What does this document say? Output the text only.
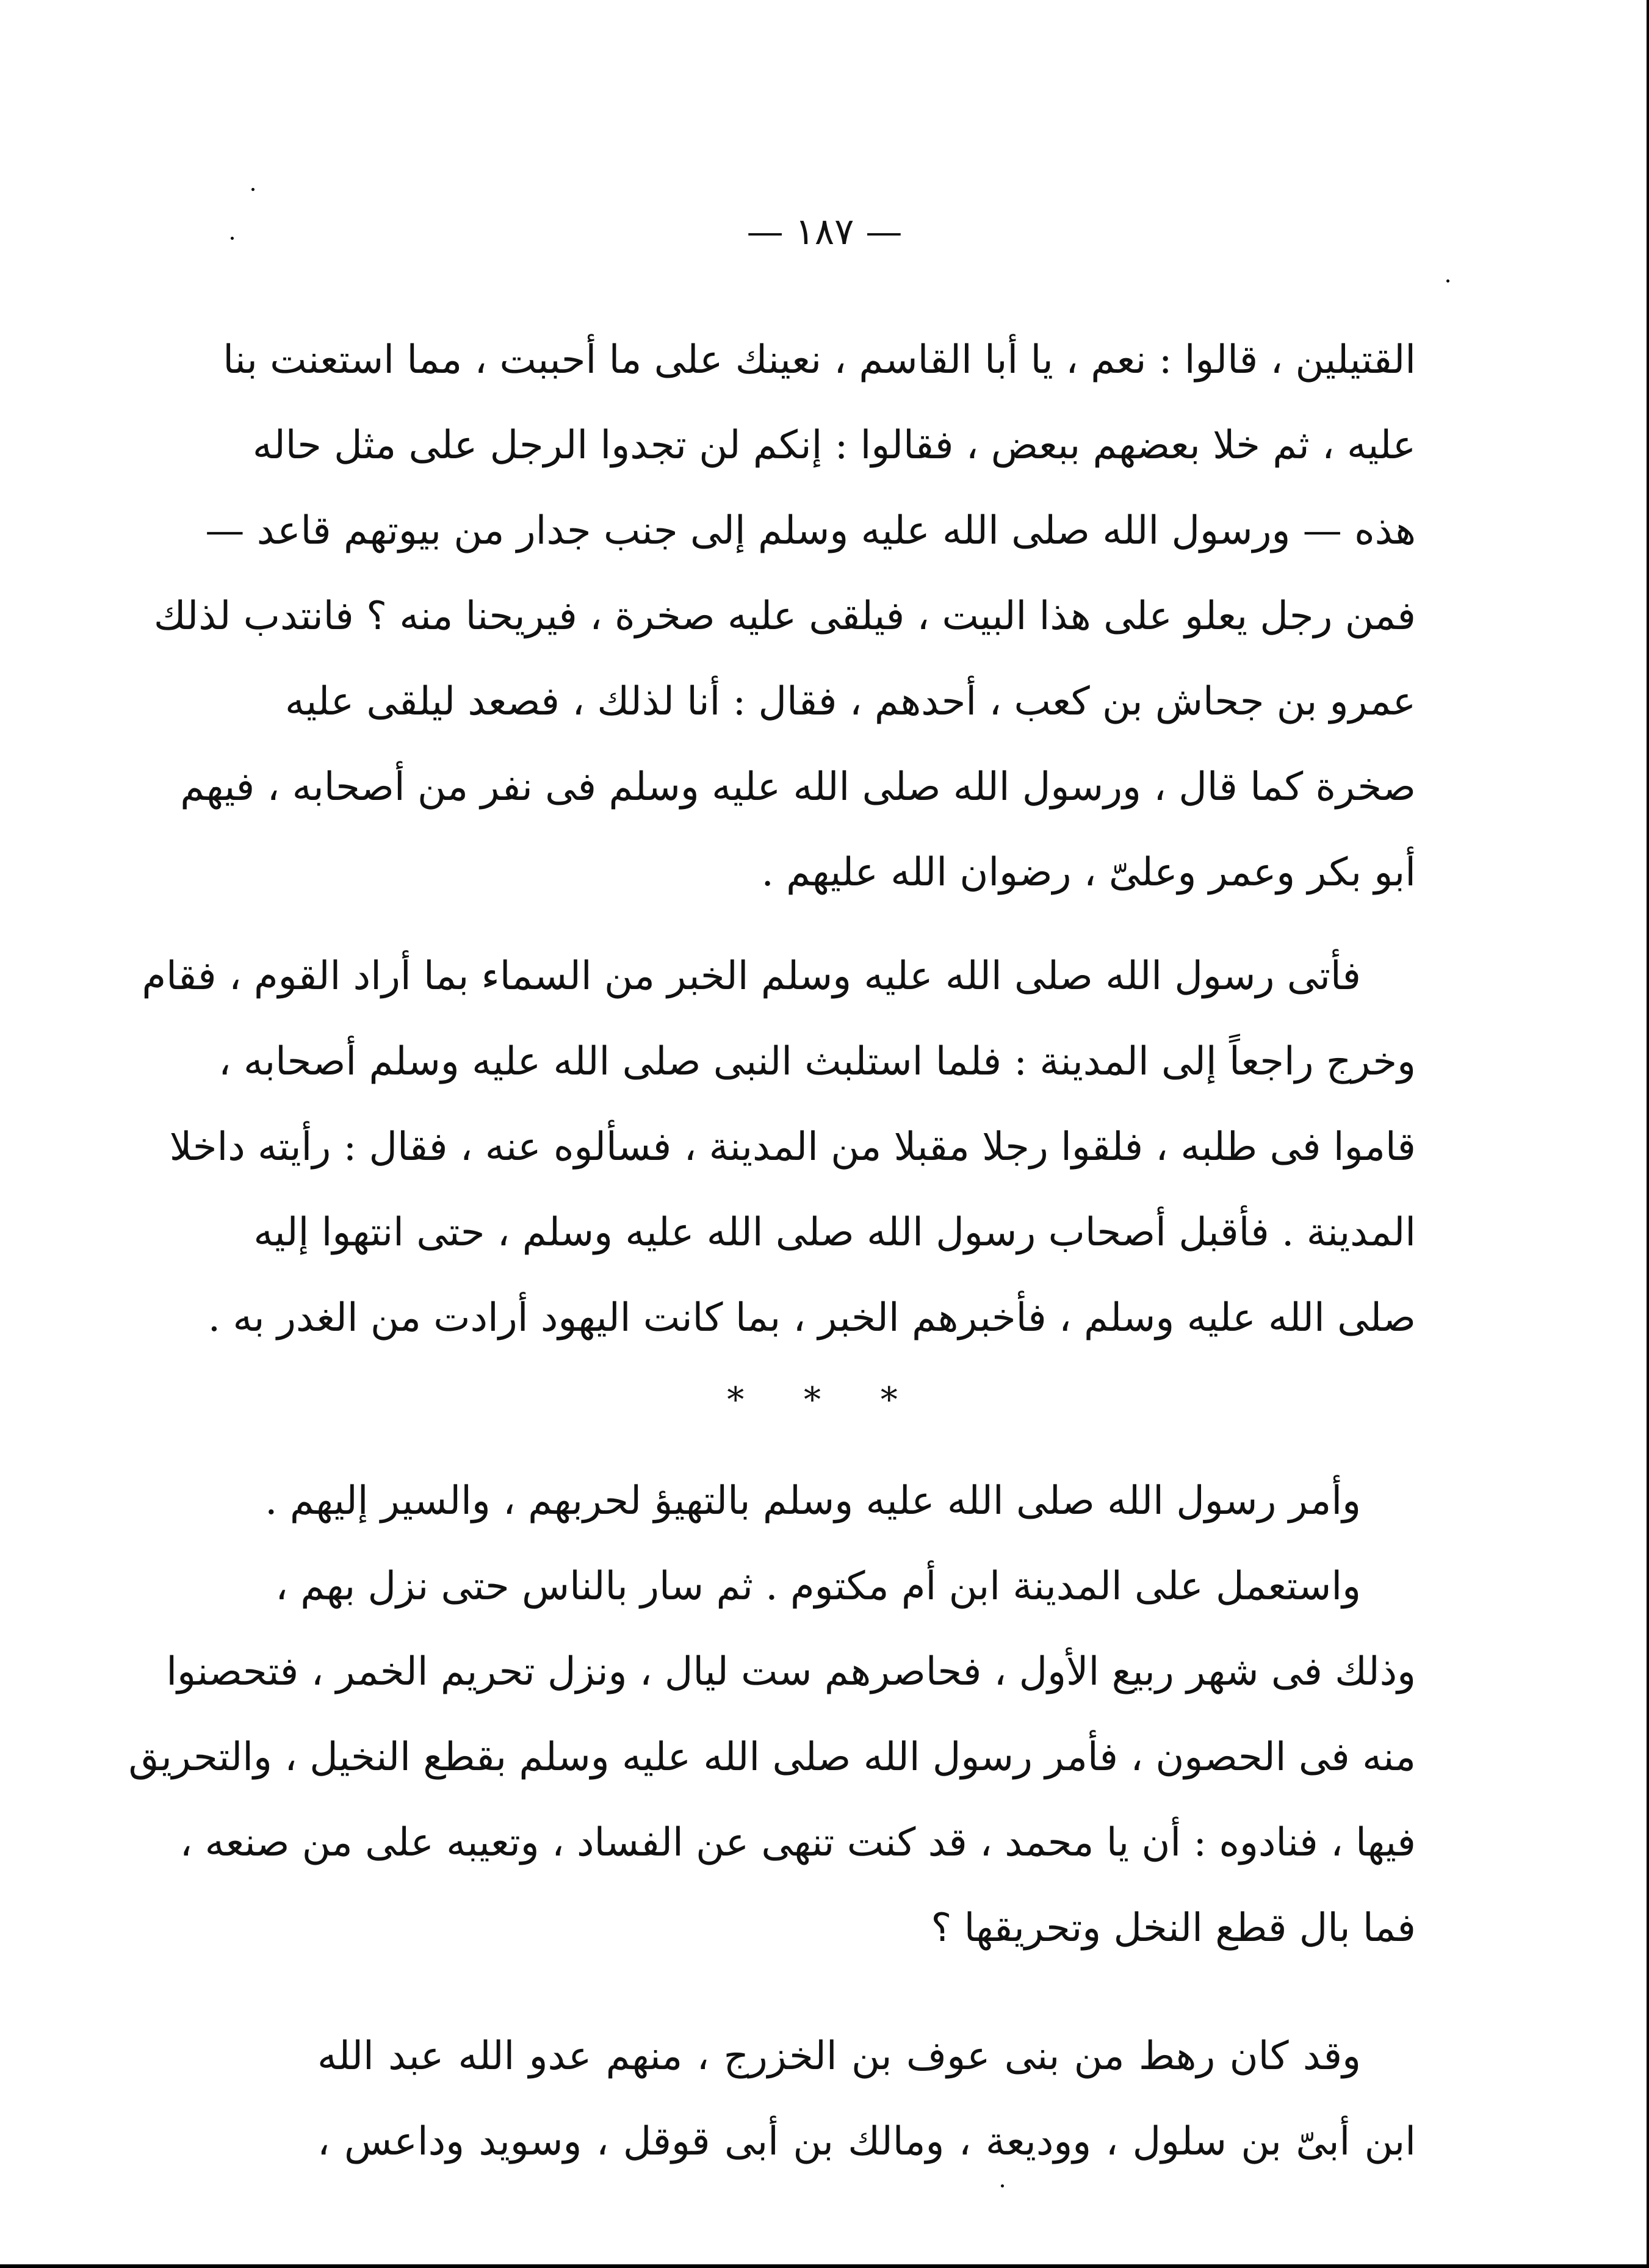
— ١٨٧ —
القتيلين ، قالوا : نعم ، يا أبا القاسم ، نعينك على ما أحببت ، مما استعنت بنا
عليه ، ثم خلا بعضهم ببعض ، فقالوا : إنكم لن تجدوا الرجل على مثل حاله
هذه — ورسول الله صلى الله عليه وسلم إلى جنب جدار من بيوتهم قاعد —
فمن رجل يعلو على هذا البيت ، فيلقى عليه صخرة ، فيريحنا منه ؟ فانتدب لذلك
عمرو بن جحاش بن كعب ، أحدهم ، فقال : أنا لذلك ، فصعد ليلقى عليه
صخرة كما قال ، ورسول الله صلى الله عليه وسلم فى نفر من أصحابه ، فيهم
أبو بكر وعمر وعلىّ ، رضوان الله عليهم .
فأتى رسول الله صلى الله عليه وسلم الخبر من السماء بما أراد القوم ، فقام
وخرج راجعاً إلى المدينة : فلما استلبث النبى صلى الله عليه وسلم أصحابه ،
قاموا فى طلبه ، فلقوا رجلا مقبلا من المدينة ، فسألوه عنه ، فقال : رأيته داخلا
المدينة . فأقبل أصحاب رسول الله صلى الله عليه وسلم ، حتى انتهوا إليه
صلى الله عليه وسلم ، فأخبرهم الخبر ، بما كانت اليهود أرادت من الغدر به .
* * *
وأمر رسول الله صلى الله عليه وسلم بالتهيؤ لحربهم ، والسير إليهم .
واستعمل على المدينة ابن أم مكتوم . ثم سار بالناس حتى نزل بهم ،
وذلك فى شهر ربيع الأول ، فحاصرهم ست ليال ، ونزل تحريم الخمر ، فتحصنوا
منه فى الحصون ، فأمر رسول الله صلى الله عليه وسلم بقطع النخيل ، والتحريق
فيها ، فنادوه : أن يا محمد ، قد كنت تنهى عن الفساد ، وتعيبه على من صنعه ،
فما بال قطع النخل وتحريقها ؟
وقد كان رهط من بنى عوف بن الخزرج ، منهم عدو الله عبد الله
ابن أبىّ بن سلول ، ووديعة ، ومالك بن أبى قوقل ، وسويد وداعس ،
